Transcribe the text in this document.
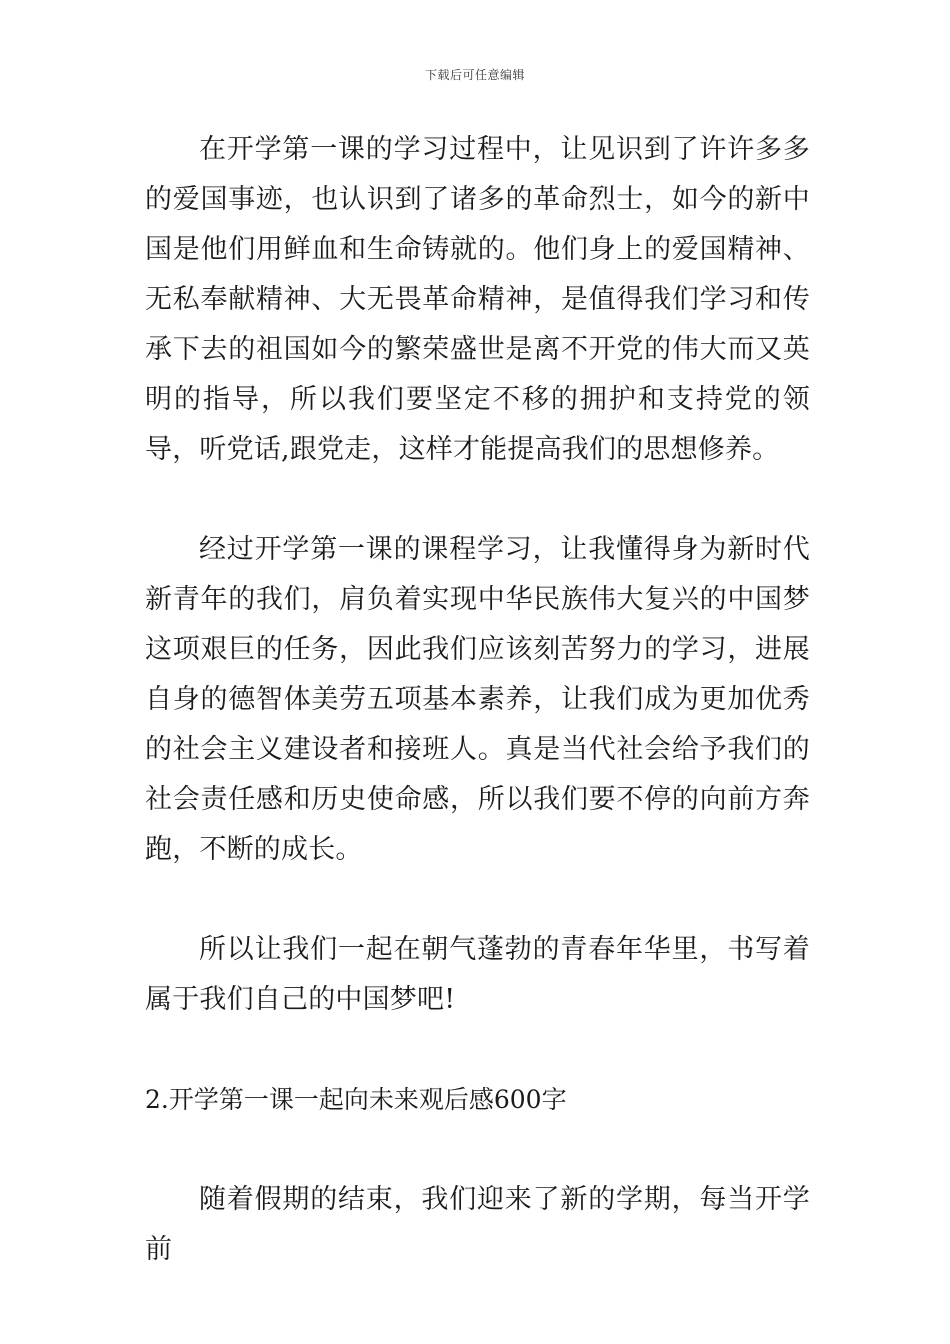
下载后可任意编辑

在开学第一课的学习过程中，让见识到了许许多多的爱国事迹，也认识到了诸多的革命烈士，如今的新中国是他们用鲜血和生命铸就的。他们身上的爱国精神、无私奉献精神、大无畏革命精神，是值得我们学习和传承下去的祖国如今的繁荣盛世是离不开党的伟大而又英明的指导，所以我们要坚定不移的拥护和支持党的领导，听党话,跟党走，这样才能提高我们的思想修养。

经过开学第一课的课程学习，让我懂得身为新时代新青年的我们，肩负着实现中华民族伟大复兴的中国梦这项艰巨的任务，因此我们应该刻苦努力的学习，进展自身的德智体美劳五项基本素养，让我们成为更加优秀的社会主义建设者和接班人。真是当代社会给予我们的社会责任感和历史使命感，所以我们要不停的向前方奔跑，不断的成长。

所以让我们一起在朝气蓬勃的青春年华里，书写着属于我们自己的中国梦吧!

2.开学第一课一起向未来观后感600字

随着假期的结束，我们迎来了新的学期，每当开学前
